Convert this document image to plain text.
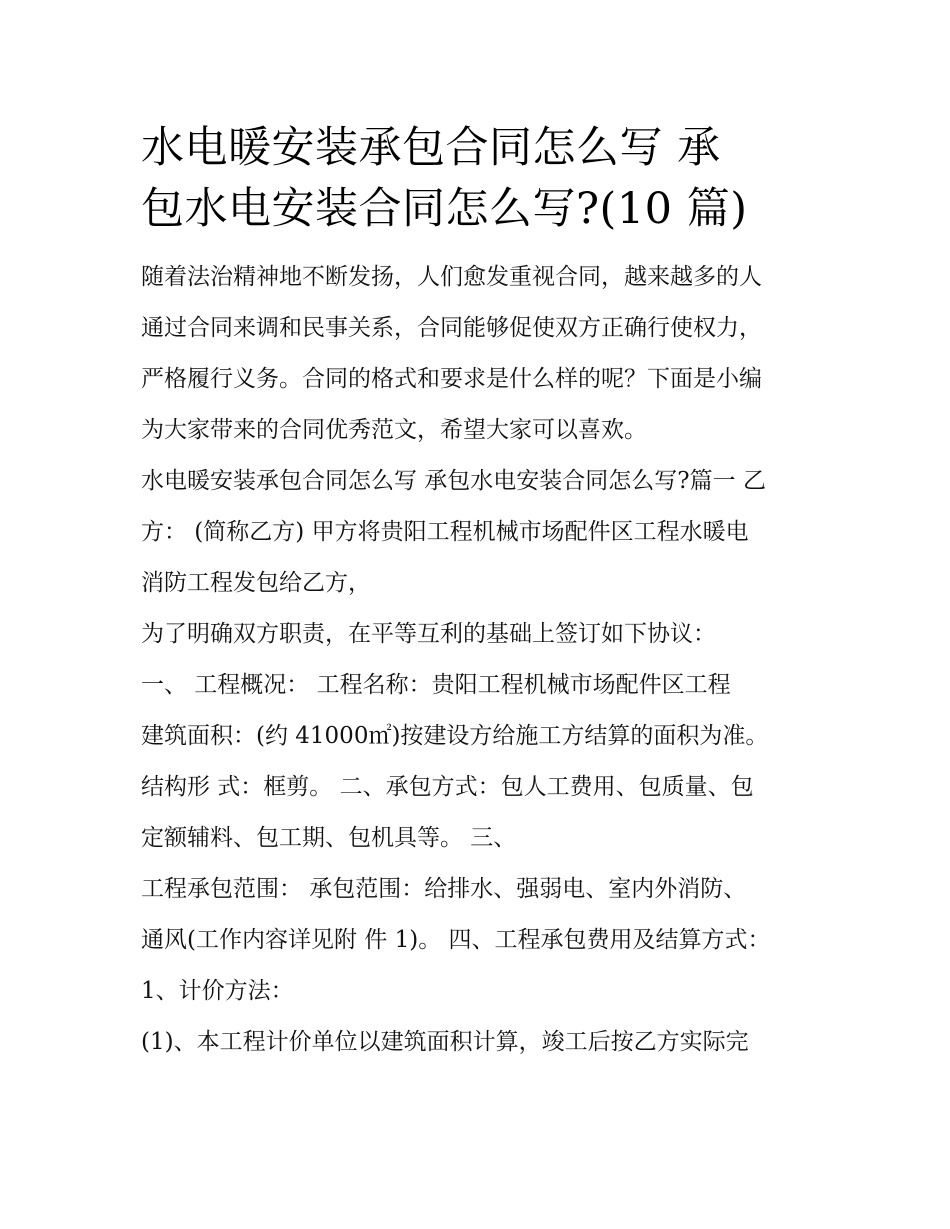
水电暖安装承包合同怎么写 承
包水电安装合同怎么写?(10 篇)
随着法治精神地不断发扬，人们愈发重视合同，越来越多的人
通过合同来调和民事关系，合同能够促使双方正确行使权力，
严格履行义务。合同的格式和要求是什么样的呢？下面是小编
为大家带来的合同优秀范文，希望大家可以喜欢。
水电暖安装承包合同怎么写 承包水电安装合同怎么写?篇一 乙
方： (简称乙方) 甲方将贵阳工程机械市场配件区工程水暖电
消防工程发包给乙方，
为了明确双方职责，在平等互利的基础上签订如下协议：
一、 工程概况： 工程名称：贵阳工程机械市场配件区工程
建筑面积：(约 41000㎡)按建设方给施工方结算的面积为准。
结构形 式：框剪。 二、承包方式：包人工费用、包质量、包
定额辅料、包工期、包机具等。 三、
工程承包范围： 承包范围：给排水、强弱电、室内外消防、
通风(工作内容详见附 件 1)。 四、工程承包费用及结算方式：
1、计价方法：
(1)、本工程计价单位以建筑面积计算，竣工后按乙方实际完
